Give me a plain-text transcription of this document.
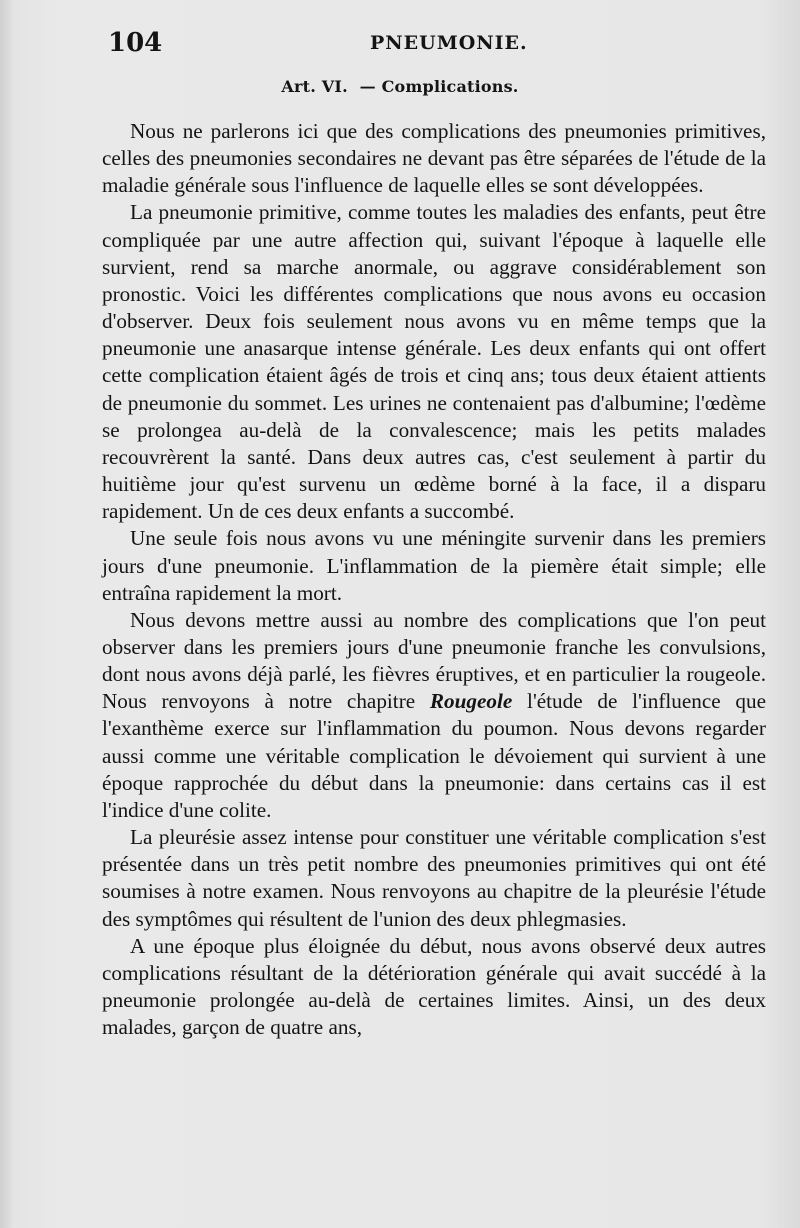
104	PNEUMONIE.
Art. VI. — Complications.

Nous ne parlerons ici que des complications des pneumonies primitives, celles des pneumonies secondaires ne devant pas être séparées de l'étude de la maladie générale sous l'influence de laquelle elles se sont développées.

La pneumonie primitive, comme toutes les maladies des enfants, peut être compliquée par une autre affection qui, suivant l'époque à laquelle elle survient, rend sa marche anormale, ou aggrave considérablement son pronostic. Voici les différentes complications que nous avons eu occasion d'observer. Deux fois seulement nous avons vu en même temps que la pneumonie une anasarque intense générale. Les deux enfants qui ont offert cette complication étaient âgés de trois et cinq ans; tous deux étaient attients de pneumonie du sommet. Les urines ne contenaient pas d'albumine; l'œdème se prolongea au-delà de la convalescence; mais les petits malades recouvrèrent la santé. Dans deux autres cas, c'est seulement à partir du huitième jour qu'est survenu un œdème borné à la face, il a disparu rapidement. Un de ces deux enfants a succombé.

Une seule fois nous avons vu une méningite survenir dans les premiers jours d'une pneumonie. L'inflammation de la piemère était simple; elle entraîna rapidement la mort.

Nous devons mettre aussi au nombre des complications que l'on peut observer dans les premiers jours d'une pneumonie franche les convulsions, dont nous avons déjà parlé, les fièvres éruptives, et en particulier la rougeole. Nous renvoyons à notre chapitre Rougeole l'étude de l'influence que l'exanthème exerce sur l'inflammation du poumon. Nous devons regarder aussi comme une véritable complication le dévoiement qui survient à une époque rapprochée du début dans la pneumonie: dans certains cas il est l'indice d'une colite.

La pleurésie assez intense pour constituer une véritable complication s'est présentée dans un très petit nombre des pneumonies primitives qui ont été soumises à notre examen. Nous renvoyons au chapitre de la pleurésie l'étude des symptômes qui résultent de l'union des deux phlegmasies.

A une époque plus éloignée du début, nous avons observé deux autres complications résultant de la détérioration générale qui avait succédé à la pneumonie prolongée au-delà de certaines limites. Ainsi, un des deux malades, garçon de quatre ans,
